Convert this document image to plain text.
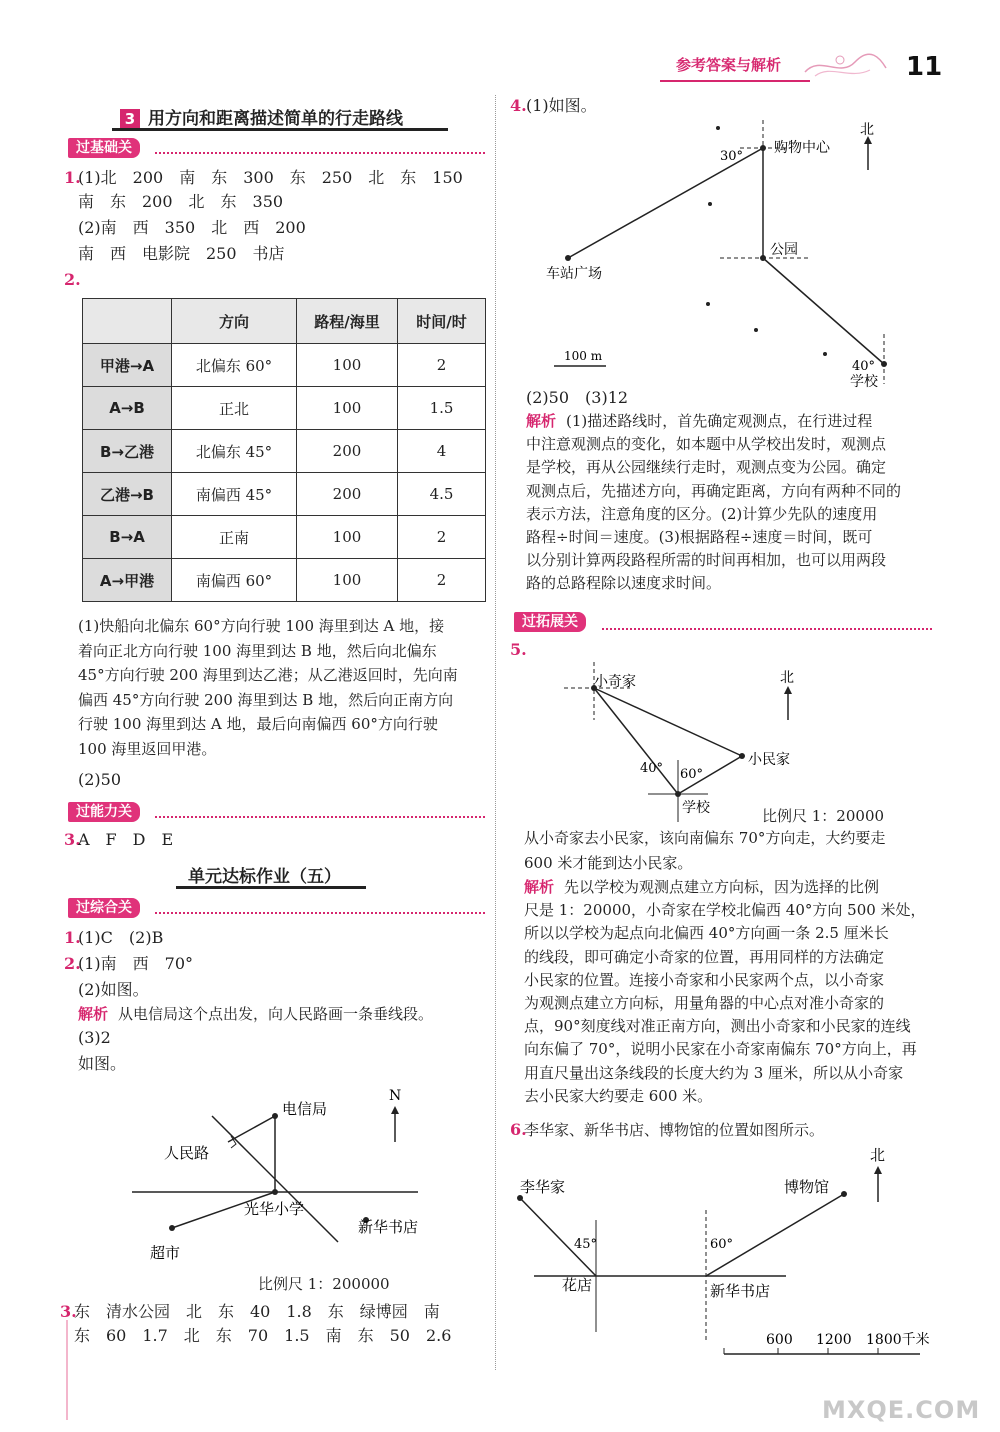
参考答案与解析	11
3 用方向和距离描述简单的行走路线
过基础关
1.
(1)北　200　南　东　300　东　250　北　东　150
南　东　200　北　东　350
(2)南　西　350　北　西　200
南　西　电影院　250　书店
2.
	方向	路程/海里	时间/时
甲港→A	北偏东 60°	100	2
A→B	正北	100	1.5
B→乙港	北偏东 45°	200	4
乙港→B	南偏西 45°	200	4.5
B→A	正南	100	2
A→甲港	南偏西 60°	100	2
(1)快船向北偏东 60°方向行驶 100 海里到达 A 地，接
着向正北方向行驶 100 海里到达 B 地，然后向北偏东
45°方向行驶 200 海里到达乙港；从乙港返回时，先向南
偏西 45°方向行驶 200 海里到达 B 地，然后向正南方向
行驶 100 海里到达 A 地，最后向南偏西 60°方向行驶
100 海里返回甲港。
(2)50
过能力关
3.
A　F　D　E
单元达标作业（五）
过综合关
1.
(1)C　(2)B
2.
(1)南　西　70°
(2)如图。
解析 从电信局这个点出发，向人民路画一条垂线段。
(3)2
如图。
N
电信局
人民路
光华小学
新华书店
超市
比例尺 1：200000
3.
东　清水公园　北　东　40　1.8　东　绿博园　南
东　60　1.7　北　东　70　1.5　南　东　50　2.6
4. (1)如图。
北
购物中心
30°
公园
车站广场
40°
学校
100 m
(2)50　(3)12
解析 (1)描述路线时，首先确定观测点，在行进过程
中注意观测点的变化，如本题中从学校出发时，观测点
是学校，再从公园继续行走时，观测点变为公园。确定
观测点后，先描述方向，再确定距离，方向有两种不同的
表示方法，注意角度的区分。(2)计算少先队的速度用
路程÷时间＝速度。(3)根据路程÷速度＝时间，既可
以分别计算两段路程所需的时间再相加，也可以用两段
路的总路程除以速度求时间。
过拓展关
5.
北
小奇家
小民家
40° 60°
学校	比例尺 1：20000
从小奇家去小民家，该向南偏东 70°方向走，大约要走
600 米才能到达小民家。
解析 先以学校为观测点建立方向标，因为选择的比例
尺是 1：20000，小奇家在学校北偏西 40°方向 500 米处，
所以以学校为起点向北偏西 40°方向画一条 2.5 厘米长
的线段，即可确定小奇家的位置，再用同样的方法确定
小民家的位置。连接小奇家和小民家两个点，以小奇家
为观测点建立方向标，用量角器的中心点对准小奇家的
点，90°刻度线对准正南方向，测出小奇家和小民家的连线
向东偏了 70°，说明小民家在小奇家南偏东 70°方向上，再
用直尺量出这条线段的长度大约为 3 厘米，所以从小奇家
去小民家大约要走 600 米。
6.
李华家、新华书店、博物馆的位置如图所示。
北
李华家	博物馆
45°	60°
花店	新华书店
600 1200 1800千米
MXQE.COM
